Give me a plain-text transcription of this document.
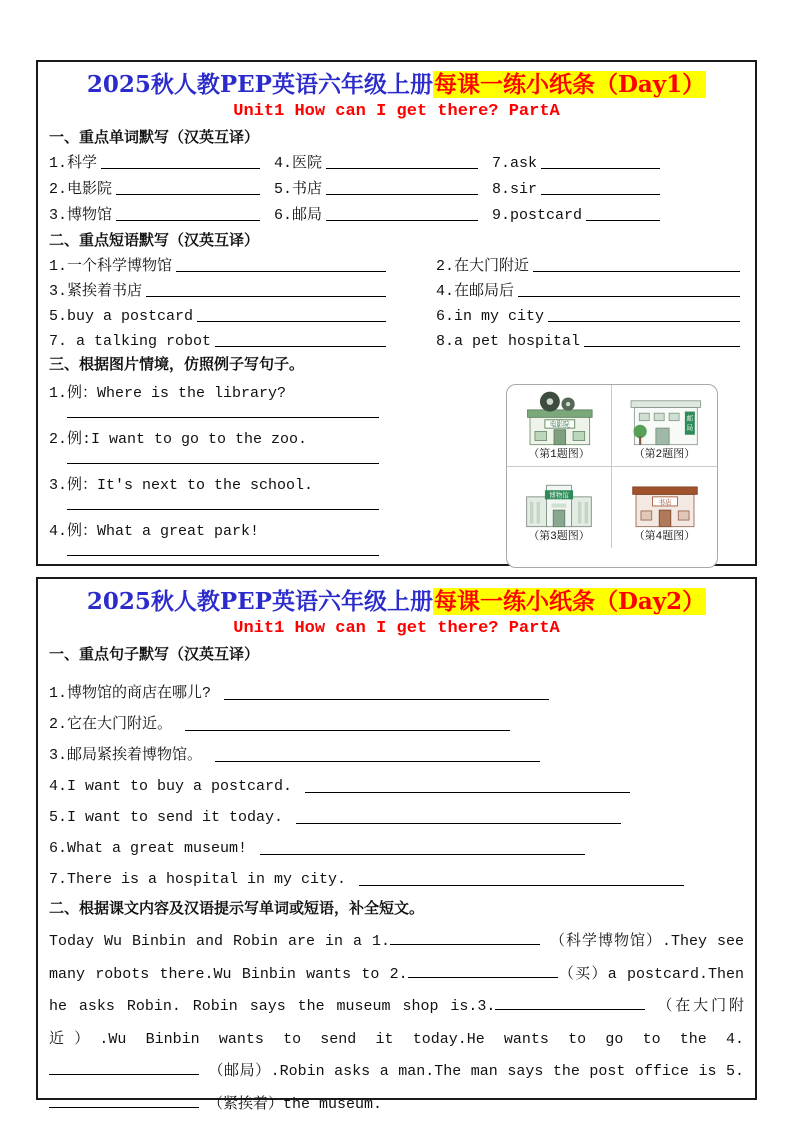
2025秋人教PEP英语六年级上册每课一练小纸条（Day1）
Unit1 How can I get there? PartA
一、重点单词默写（汉英互译）
1.科学	4.医院	7.ask
2.电影院	5.书店	8.sir
3.博物馆	6.邮局	9.postcard
二、重点短语默写（汉英互译）
1.一个科学博物馆	2.在大门附近
3.紧挨着书店	4.在邮局后
5.buy a postcard	6.in my city
7. a talking robot	8.a pet hospital
三、根据图片情境，仿照例子写句子。
1.例：Where is the library?
2.例:I want to go to the zoo.
3.例：It's next to the school.
4.例：What a great park!
电影院
（第1题图）
邮
局
（第2题图）
博物馆
（第3题图）
书店
（第4题图）
2025秋人教PEP英语六年级上册每课一练小纸条（Day2）
Unit1 How can I get there? PartA
一、重点句子默写（汉英互译）
1.博物馆的商店在哪儿?
2.它在大门附近。
3.邮局紧挨着博物馆。
4.I want to buy a postcard.
5.I want to send it today.
6.What a great museum!
7.There is a hospital in my city.
二、根据课文内容及汉语提示写单词或短语，补全短文。

Today Wu Binbin and Robin are in a 1.	（科学博物馆）.They see many robots there.Wu Binbin wants to 2.	（买）a postcard.Then he asks Robin. Robin says the museum shop is.3.	（在大门附近）.Wu Binbin wants to send it today.He wants to go to the 4. （邮局）.Robin asks a man.The man says the post office is 5. （紧挨着）the museum.
